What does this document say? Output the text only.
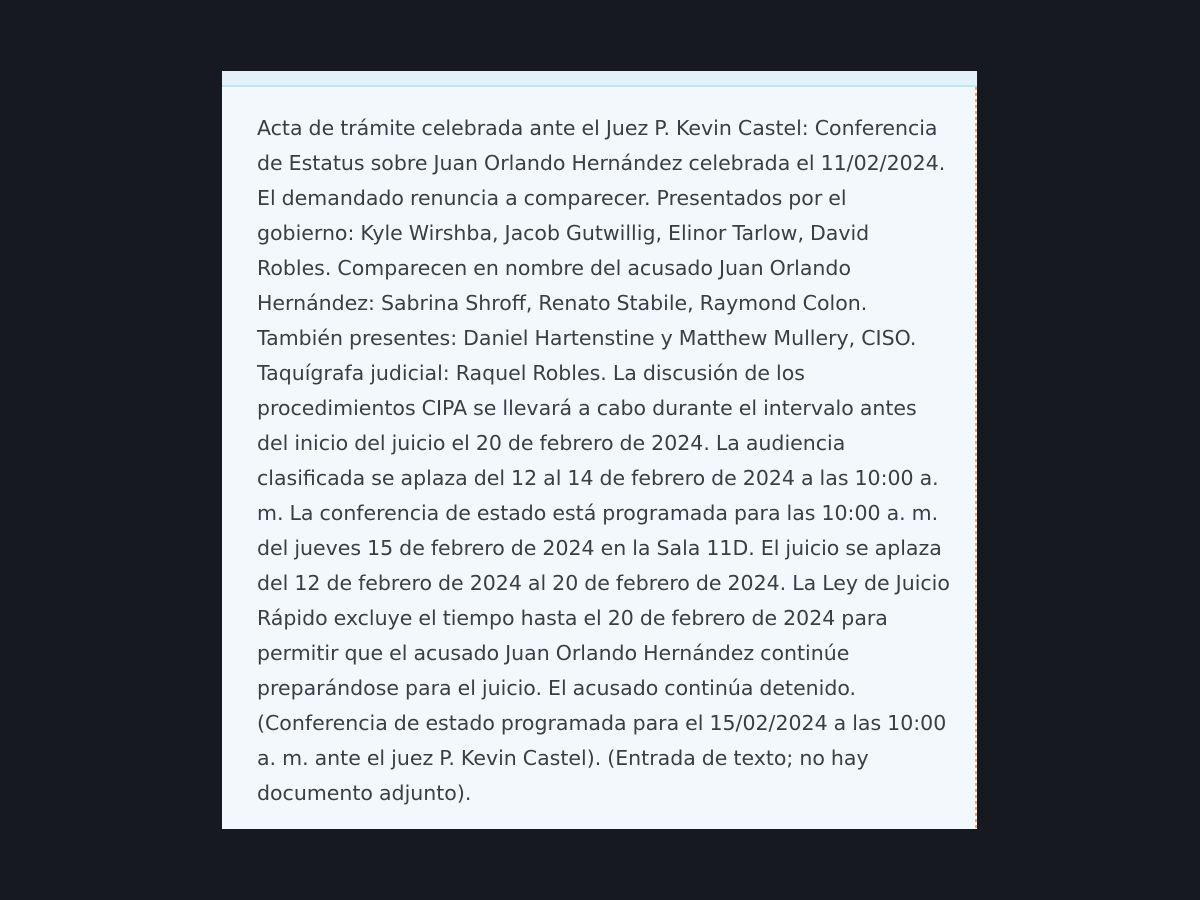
Acta de trámite celebrada ante el Juez P. Kevin Castel: Conferencia
de Estatus sobre Juan Orlando Hernández celebrada el 11/02/2024.
El demandado renuncia a comparecer. Presentados por el
gobierno: Kyle Wirshba, Jacob Gutwillig, Elinor Tarlow, David
Robles. Comparecen en nombre del acusado Juan Orlando
Hernández: Sabrina Shroff, Renato Stabile, Raymond Colon.
También presentes: Daniel Hartenstine y Matthew Mullery, CISO.
Taquígrafa judicial: Raquel Robles. La discusión de los
procedimientos CIPA se llevará a cabo durante el intervalo antes
del inicio del juicio el 20 de febrero de 2024. La audiencia
clasificada se aplaza del 12 al 14 de febrero de 2024 a las 10:00 a.
m. La conferencia de estado está programada para las 10:00 a. m.
del jueves 15 de febrero de 2024 en la Sala 11D. El juicio se aplaza
del 12 de febrero de 2024 al 20 de febrero de 2024. La Ley de Juicio
Rápido excluye el tiempo hasta el 20 de febrero de 2024 para
permitir que el acusado Juan Orlando Hernández continúe
preparándose para el juicio. El acusado continúa detenido.
(Conferencia de estado programada para el 15/02/2024 a las 10:00
a. m. ante el juez P. Kevin Castel). (Entrada de texto; no hay
documento adjunto).
